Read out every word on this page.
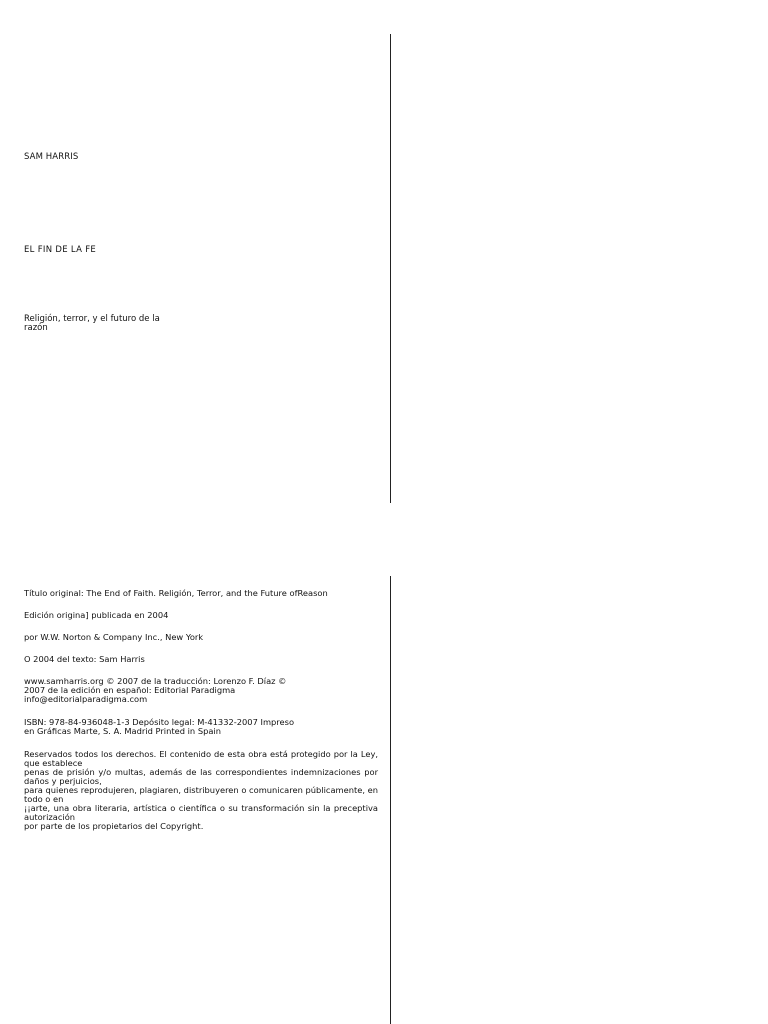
SAM HARRIS
EL FIN DE LA FE
Religión, terror, y el futuro de la razón

Título original: The End of Faith. Religión, Terror, and the Future ofReason

Edición origina] publicada en 2004

por W.W. Norton & Company Inc., New York

O 2004 del texto: Sam Harris

www.samharris.org © 2007 de la traducción: Lorenzo F. Díaz ©
2007 de la edición en español: Editorial Paradigma
info@editorialparadigma.com

ISBN: 978-84-936048-1-3 Depósito legal: M-41332-2007 Impreso
en Gráficas Marte, S. A. Madrid Printed in Spain

Reservados todos los derechos. El contenido de esta obra está protegido por la Ley, que establece
penas de prisión y/o multas, además de las correspondientes indemnizaciones por daños y perjuicios,
para quienes reprodujeren, plagiaren, distribuyeren o comunicaren públicamente, en todo o en
¡¡arte, una obra literaria, artística o científica o su transformación sin la preceptiva autorización
por parte de los propietarios del Copyright.
